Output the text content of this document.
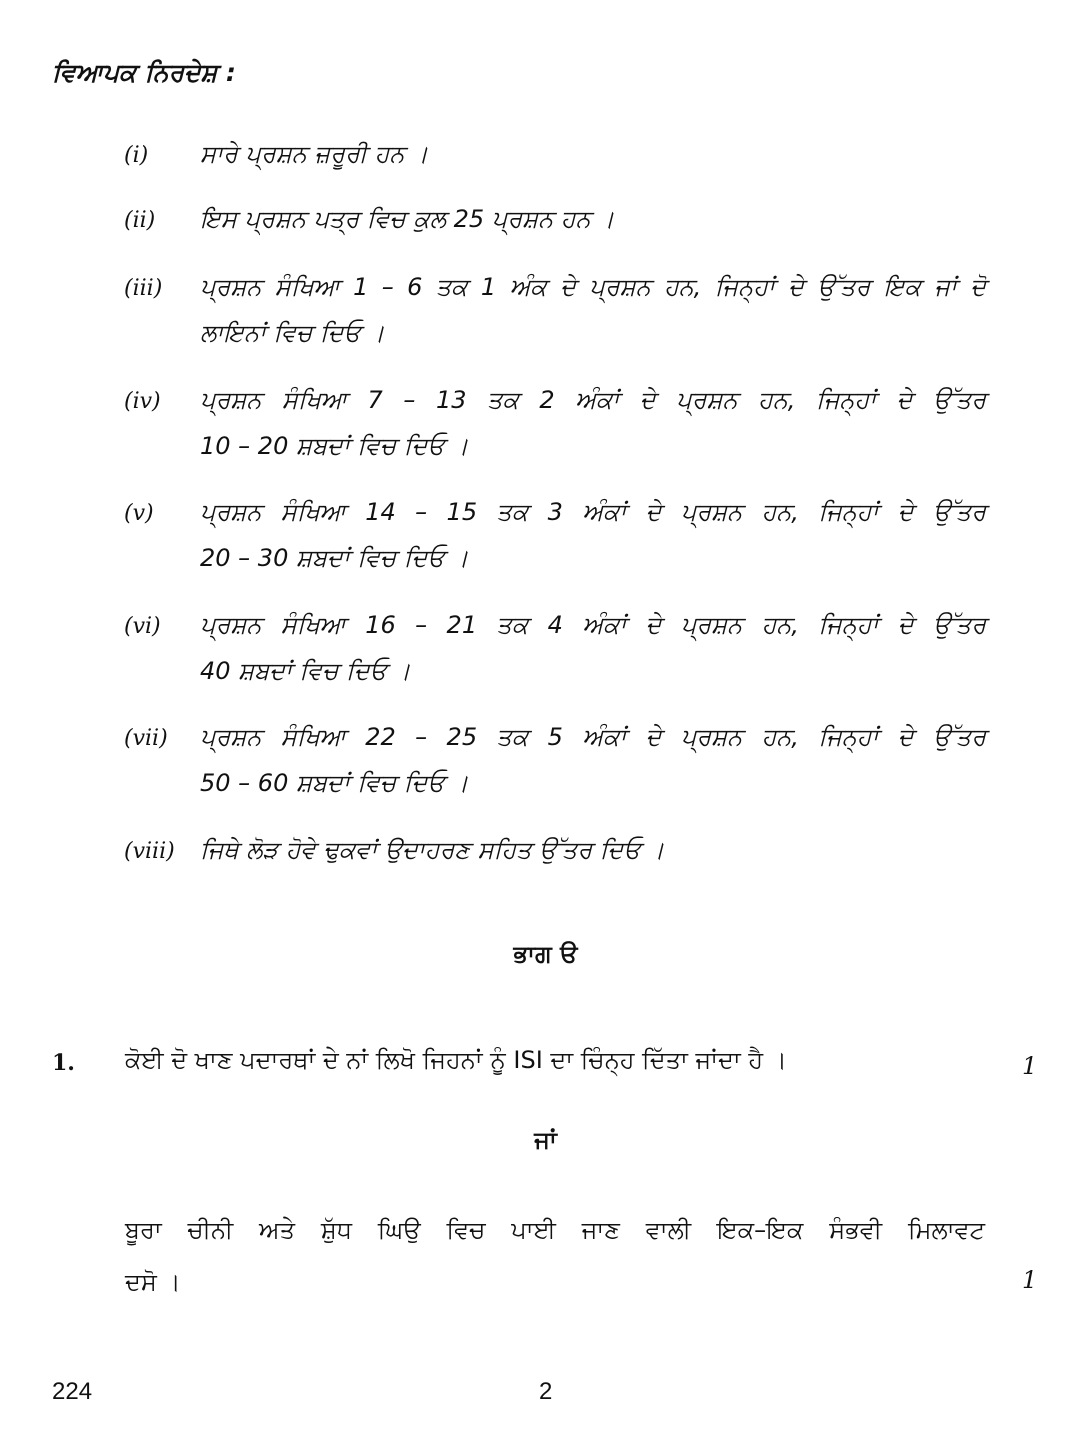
ਵਿਆਪਕ ਨਿਰਦੇਸ਼ :
(i) ਸਾਰੇ ਪ੍ਰਸ਼ਨ ਜ਼ਰੂਰੀ ਹਨ ।
(ii) ਇਸ ਪ੍ਰਸ਼ਨ ਪਤ੍ਰ ਵਿਚ ਕੁਲ 25 ਪ੍ਰਸ਼ਨ ਹਨ ।
(iii) ਪ੍ਰਸ਼ਨ ਸੰਖਿਆ 1 – 6 ਤਕ 1 ਅੰਕ ਦੇ ਪ੍ਰਸ਼ਨ ਹਨ, ਜਿਨ੍ਹਾਂ ਦੇ ਉੱਤਰ ਇਕ ਜਾਂ ਦੋ
ਲਾਇਨਾਂ ਵਿਚ ਦਿਓ ।
(iv) ਪ੍ਰਸ਼ਨ ਸੰਖਿਆ 7 – 13 ਤਕ 2 ਅੰਕਾਂ ਦੇ ਪ੍ਰਸ਼ਨ ਹਨ, ਜਿਨ੍ਹਾਂ ਦੇ ਉੱਤਰ
10 – 20 ਸ਼ਬਦਾਂ ਵਿਚ ਦਿਓ ।
(v) ਪ੍ਰਸ਼ਨ ਸੰਖਿਆ 14 – 15 ਤਕ 3 ਅੰਕਾਂ ਦੇ ਪ੍ਰਸ਼ਨ ਹਨ, ਜਿਨ੍ਹਾਂ ਦੇ ਉੱਤਰ
20 – 30 ਸ਼ਬਦਾਂ ਵਿਚ ਦਿਓ ।
(vi) ਪ੍ਰਸ਼ਨ ਸੰਖਿਆ 16 – 21 ਤਕ 4 ਅੰਕਾਂ ਦੇ ਪ੍ਰਸ਼ਨ ਹਨ, ਜਿਨ੍ਹਾਂ ਦੇ ਉੱਤਰ
40 ਸ਼ਬਦਾਂ ਵਿਚ ਦਿਓ ।
(vii) ਪ੍ਰਸ਼ਨ ਸੰਖਿਆ 22 – 25 ਤਕ 5 ਅੰਕਾਂ ਦੇ ਪ੍ਰਸ਼ਨ ਹਨ, ਜਿਨ੍ਹਾਂ ਦੇ ਉੱਤਰ
50 – 60 ਸ਼ਬਦਾਂ ਵਿਚ ਦਿਓ ।
(viii) ਜਿਥੇ ਲੋੜ ਹੋਵੇ ਢੁਕਵਾਂ ਉਦਾਹਰਣ ਸਹਿਤ ਉੱਤਰ ਦਿਓ ।
ਭਾਗ ੳ
1. ਕੋਈ ਦੋ ਖਾਣ ਪਦਾਰਥਾਂ ਦੇ ਨਾਂ ਲਿਖੋ ਜਿਹਨਾਂ ਨੂੰ ISI ਦਾ ਚਿੰਨ੍ਹ ਦਿੱਤਾ ਜਾਂਦਾ ਹੈ ।	1
ਜਾਂ
ਬੂਰਾ ਚੀਨੀ ਅਤੇ ਸ਼ੁੱਧ ਘਿਉ ਵਿਚ ਪਾਈ ਜਾਣ ਵਾਲੀ ਇਕ–ਇਕ ਸੰਭਵੀ ਮਿਲਾਵਟ
ਦਸੋ ।	1
224	2
